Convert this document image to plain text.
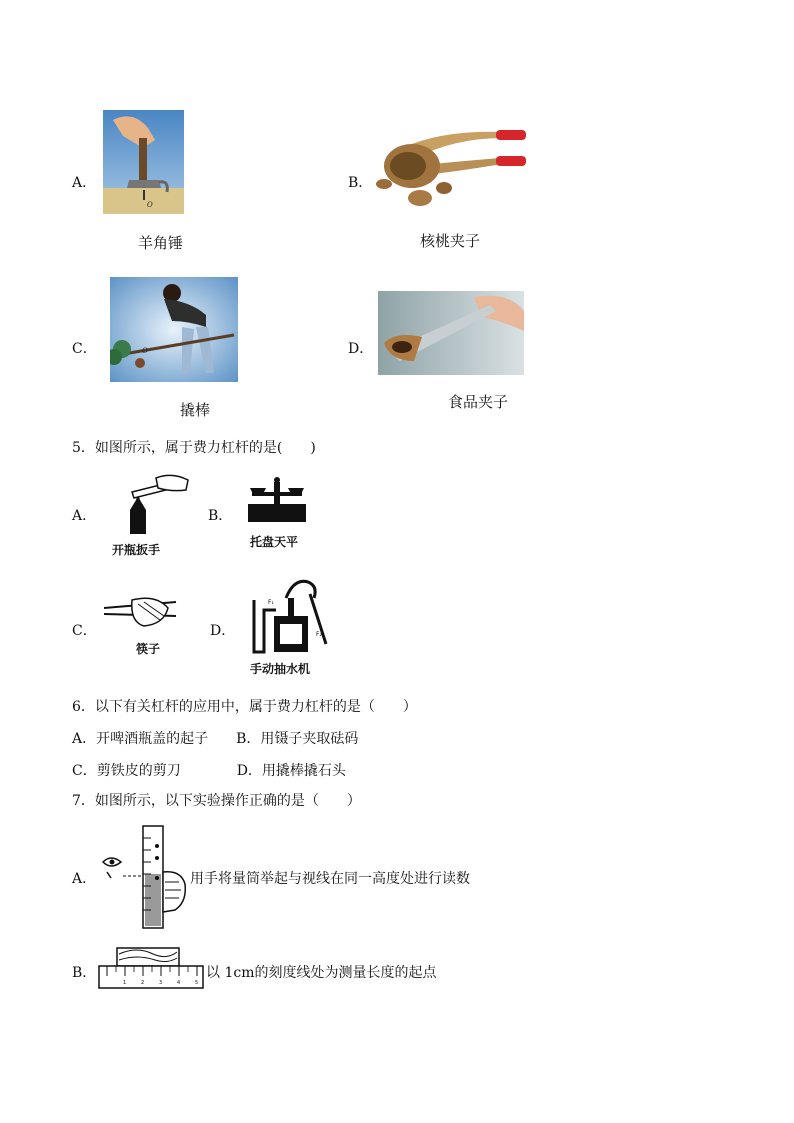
A．
O
羊角锤
B．
核桃夹子
C．	O
撬棒
D．
食品夹子
5．如图所示，属于费力杠杆的是(　　)
A．
开瓶扳手
B．
托盘天平
C．
筷子
D．
F₁
F₂
手动抽水机
6．以下有关杠杆的应用中，属于费力杠杆的是（　　）
A．开啤酒瓶盖的起子　　B．用镊子夹取砝码
C．剪铁皮的剪刀　　　　D．用撬棒撬石头
7．如图所示，以下实验操作正确的是（　　）
A．	用手将量筒举起与视线在同一高度处进行读数
B．
1	2	3	4	5
以 1cm的刻度线处为测量长度的起点
